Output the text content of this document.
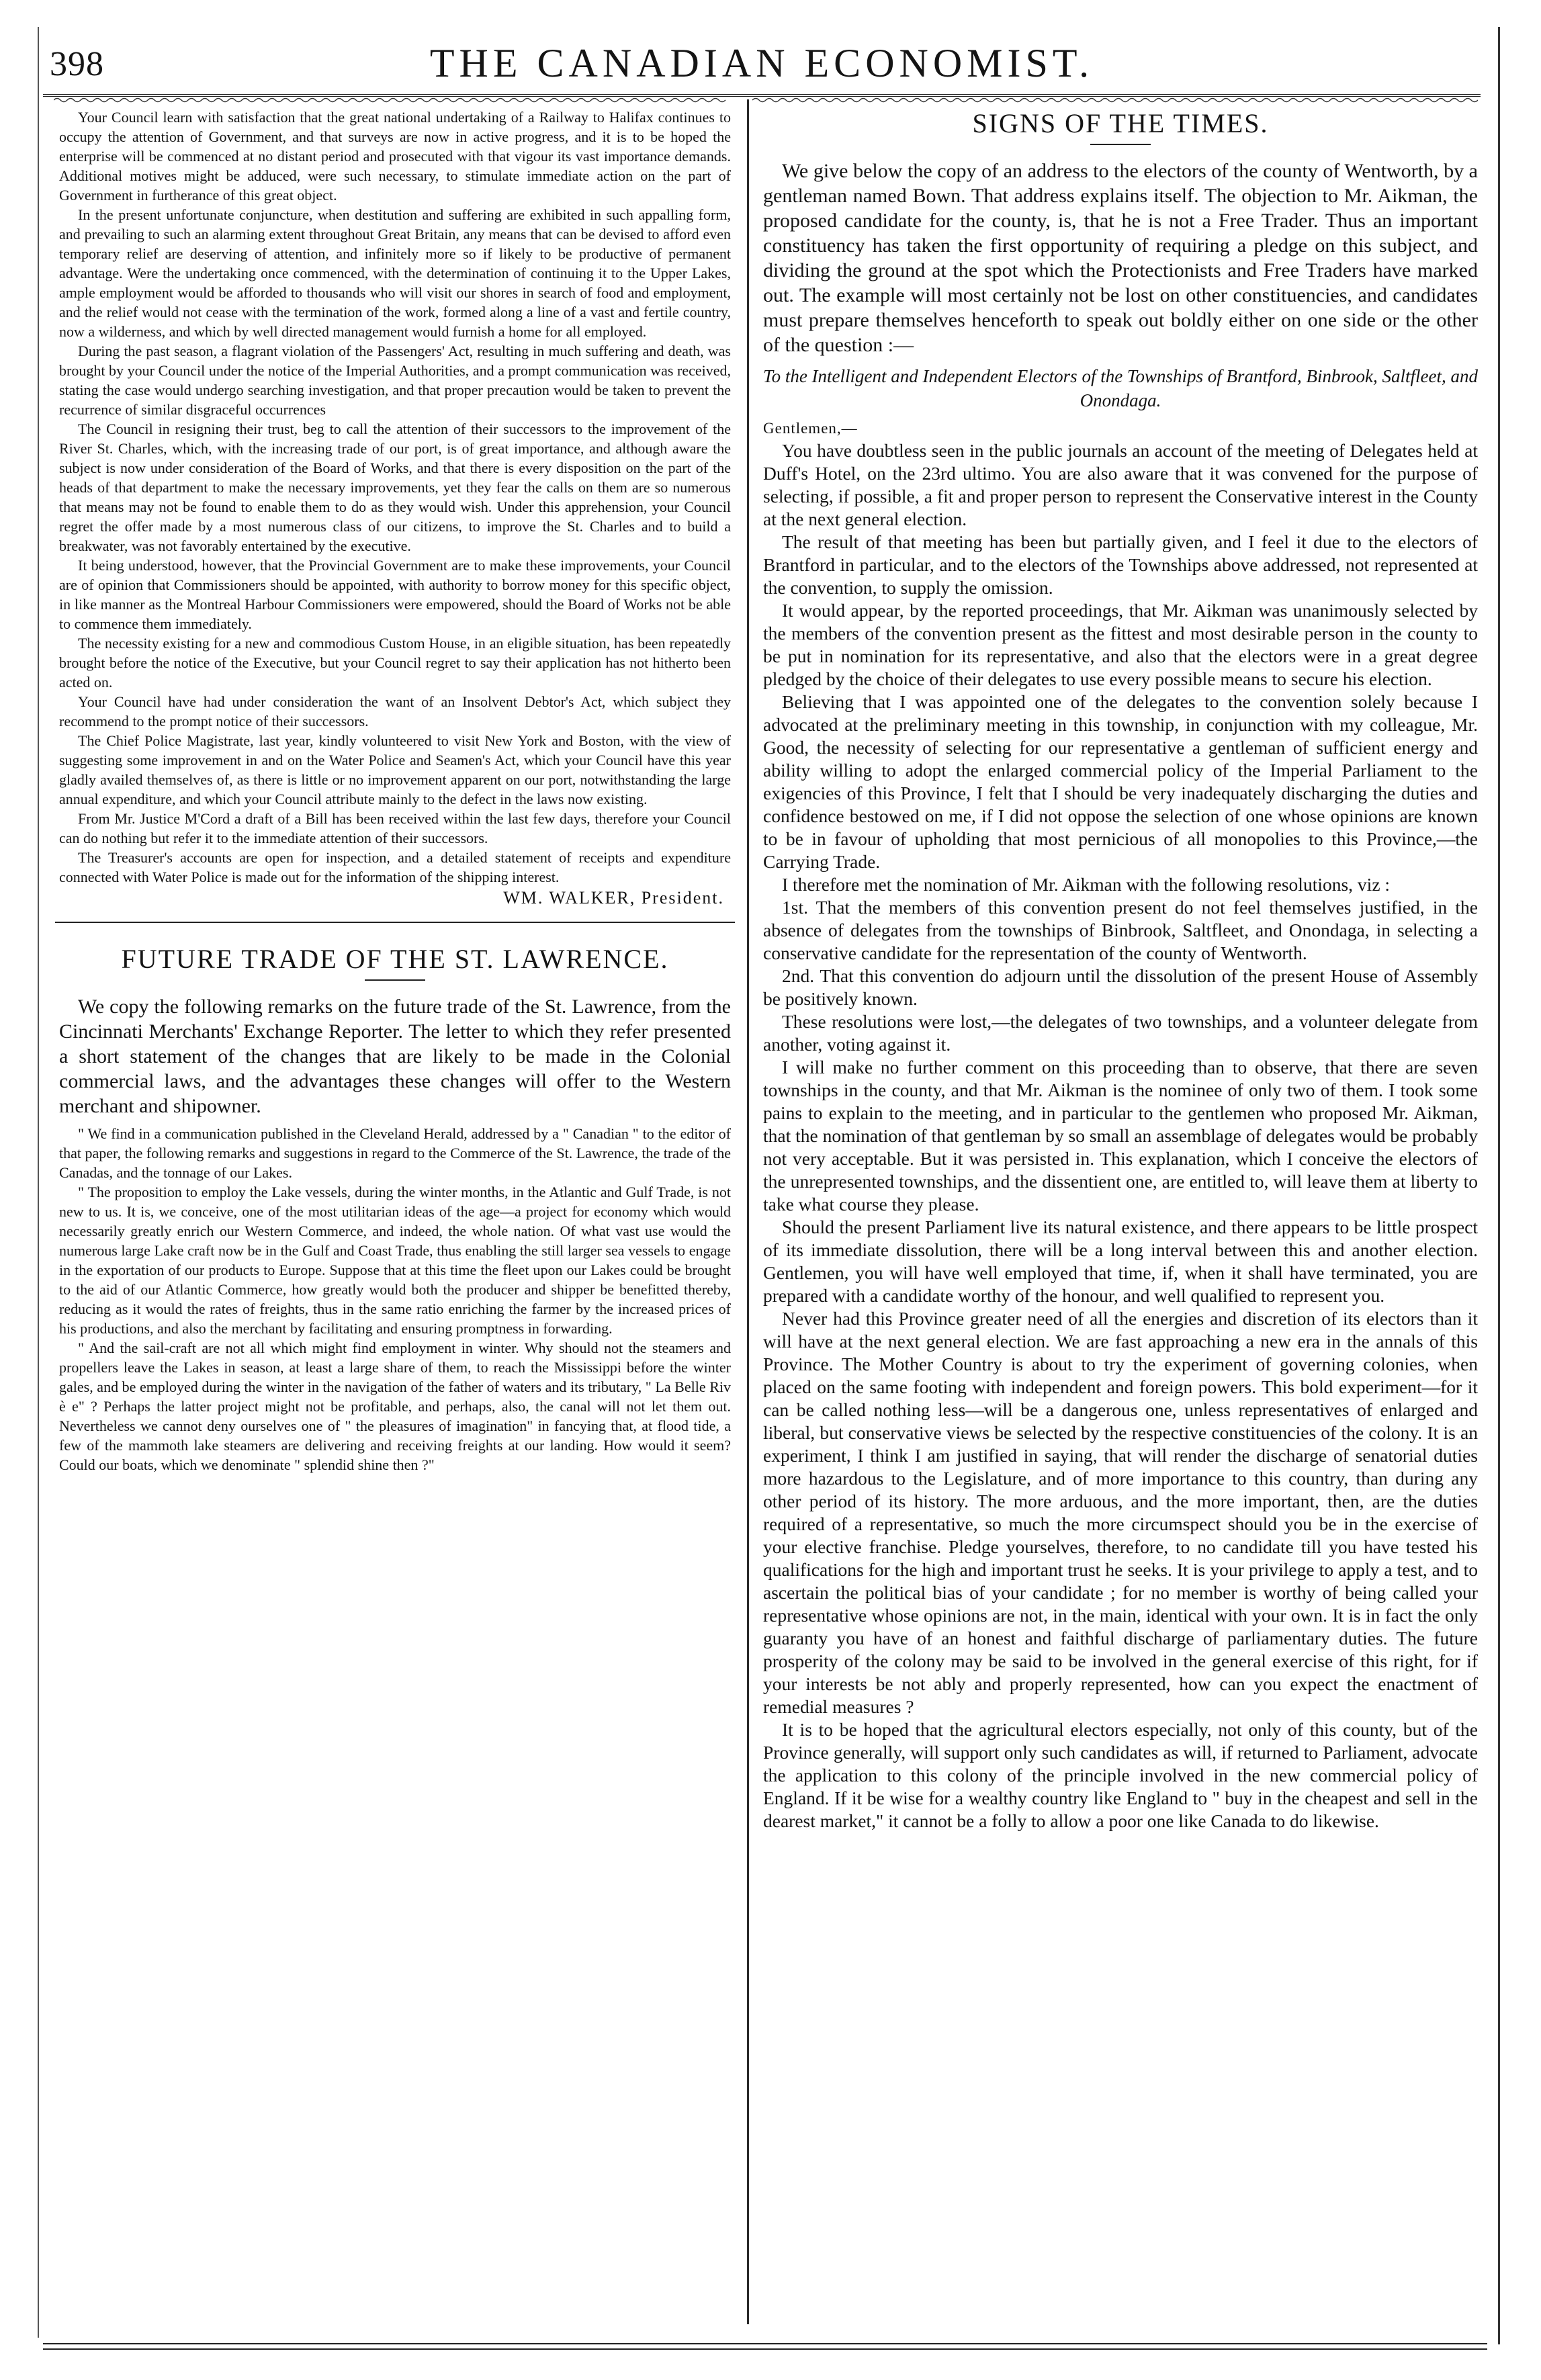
398	THE CANADIAN ECONOMIST.

Your Council learn with satisfaction that the great national undertaking of a Railway to Halifax continues to occupy the attention of Government, and that surveys are now in active progress, and it is to be hoped the enterprise will be commenced at no distant period and prosecuted with that vigour its vast importance demands. Additional motives might be adduced, were such necessary, to stimulate immediate action on the part of Government in furtherance of this great object.

In the present unfortunate conjuncture, when destitution and suffering are exhibited in such appalling form, and prevailing to such an alarming extent throughout Great Britain, any means that can be devised to afford even temporary relief are deserving of attention, and infinitely more so if likely to be productive of permanent advantage. Were the undertaking once commenced, with the determination of continuing it to the Upper Lakes, ample employment would be afforded to thousands who will visit our shores in search of food and employment, and the relief would not cease with the termination of the work, formed along a line of a vast and fertile country, now a wilderness, and which by well directed management would furnish a home for all employed.

During the past season, a flagrant violation of the Passengers' Act, resulting in much suffering and death, was brought by your Council under the notice of the Imperial Authorities, and a prompt communication was received, stating the case would undergo searching investigation, and that proper precaution would be taken to prevent the recurrence of similar disgraceful occurrences

The Council in resigning their trust, beg to call the attention of their successors to the improvement of the River St. Charles, which, with the increasing trade of our port, is of great importance, and although aware the subject is now under consideration of the Board of Works, and that there is every disposition on the part of the heads of that department to make the necessary improvements, yet they fear the calls on them are so numerous that means may not be found to enable them to do as they would wish. Under this apprehension, your Council regret the offer made by a most numerous class of our citizens, to improve the St. Charles and to build a breakwater, was not favorably entertained by the executive.

It being understood, however, that the Provincial Government are to make these improvements, your Council are of opinion that Commissioners should be appointed, with authority to borrow money for this specific object, in like manner as the Montreal Harbour Commissioners were empowered, should the Board of Works not be able to commence them immediately.

The necessity existing for a new and commodious Custom House, in an eligible situation, has been repeatedly brought before the notice of the Executive, but your Council regret to say their application has not hitherto been acted on.

Your Council have had under consideration the want of an Insolvent Debtor's Act, which subject they recommend to the prompt notice of their successors.

The Chief Police Magistrate, last year, kindly volunteered to visit New York and Boston, with the view of suggesting some improvement in and on the Water Police and Seamen's Act, which your Council have this year gladly availed themselves of, as there is little or no improvement apparent on our port, notwithstanding the large annual expenditure, and which your Council attribute mainly to the defect in the laws now existing.

From Mr. Justice M'Cord a draft of a Bill has been received within the last few days, therefore your Council can do nothing but refer it to the immediate attention of their successors.

The Treasurer's accounts are open for inspection, and a detailed statement of receipts and expenditure connected with Water Police is made out for the information of the shipping interest.

WM. WALKER, President.
FUTURE TRADE OF THE ST. LAWRENCE.

We copy the following remarks on the future trade of the St. Lawrence, from the Cincinnati Merchants' Exchange Reporter. The letter to which they refer presented a short statement of the changes that are likely to be made in the Colonial commercial laws, and the advantages these changes will offer to the Western merchant and shipowner.

" We find in a communication published in the Cleveland Herald, addressed by a " Canadian " to the editor of that paper, the following remarks and suggestions in regard to the Commerce of the St. Lawrence, the trade of the Canadas, and the tonnage of our Lakes.

" The proposition to employ the Lake vessels, during the winter months, in the Atlantic and Gulf Trade, is not new to us. It is, we conceive, one of the most utilitarian ideas of the age—a project for economy which would necessarily greatly enrich our Western Commerce, and indeed, the whole nation. Of what vast use would the numerous large Lake craft now be in the Gulf and Coast Trade, thus enabling the still larger sea vessels to engage in the exportation of our products to Europe. Suppose that at this time the fleet upon our Lakes could be brought to the aid of our Atlantic Commerce, how greatly would both the producer and shipper be benefitted thereby, reducing as it would the rates of freights, thus in the same ratio enriching the farmer by the increased prices of his productions, and also the merchant by facilitating and ensuring promptness in forwarding.

" And the sail-craft are not all which might find employment in winter. Why should not the steamers and propellers leave the Lakes in season, at least a large share of them, to reach the Mississippi before the winter gales, and be employed during the winter in the navigation of the father of waters and its tributary, " La Belle Riv è e" ? Perhaps the latter project might not be profitable, and perhaps, also, the canal will not let them out. Nevertheless we cannot deny ourselves one of " the pleasures of imagination" in fancying that, at flood tide, a few of the mammoth lake steamers are delivering and receiving freights at our landing. How would it seem? Could our boats, which we denominate " splendid shine then ?"

SIGNS OF THE TIMES.

We give below the copy of an address to the electors of the county of Wentworth, by a gentleman named Bown. That address explains itself. The objection to Mr. Aikman, the proposed candidate for the county, is, that he is not a Free Trader. Thus an important constituency has taken the first opportunity of requiring a pledge on this subject, and dividing the ground at the spot which the Protectionists and Free Traders have marked out. The example will most certainly not be lost on other constituencies, and candidates must prepare themselves henceforth to speak out boldly either on one side or the other of the question :—

To the Intelligent and Independent Electors of the Townships of Brantford, Binbrook, Saltfleet, and Onondaga.
Gentlemen,—

You have doubtless seen in the public journals an account of the meeting of Delegates held at Duff's Hotel, on the 23rd ultimo. You are also aware that it was convened for the purpose of selecting, if possible, a fit and proper person to represent the Conservative interest in the County at the next general election.

The result of that meeting has been but partially given, and I feel it due to the electors of Brantford in particular, and to the electors of the Townships above addressed, not represented at the convention, to supply the omission.

It would appear, by the reported proceedings, that Mr. Aikman was unanimously selected by the members of the convention present as the fittest and most desirable person in the county to be put in nomination for its representative, and also that the electors were in a great degree pledged by the choice of their delegates to use every possible means to secure his election.

Believing that I was appointed one of the delegates to the convention solely because I advocated at the preliminary meeting in this township, in conjunction with my colleague, Mr. Good, the necessity of selecting for our representative a gentleman of sufficient energy and ability willing to adopt the enlarged commercial policy of the Imperial Parliament to the exigencies of this Province, I felt that I should be very inadequately discharging the duties and confidence bestowed on me, if I did not oppose the selection of one whose opinions are known to be in favour of upholding that most pernicious of all monopolies to this Province,—the Carrying Trade.

I therefore met the nomination of Mr. Aikman with the following resolutions, viz :

1st. That the members of this convention present do not feel themselves justified, in the absence of delegates from the townships of Binbrook, Saltfleet, and Onondaga, in selecting a conservative candidate for the representation of the county of Wentworth.

2nd. That this convention do adjourn until the dissolution of the present House of Assembly be positively known.

These resolutions were lost,—the delegates of two townships, and a volunteer delegate from another, voting against it.

I will make no further comment on this proceeding than to observe, that there are seven townships in the county, and that Mr. Aikman is the nominee of only two of them. I took some pains to explain to the meeting, and in particular to the gentlemen who proposed Mr. Aikman, that the nomination of that gentleman by so small an assemblage of delegates would be probably not very acceptable. But it was persisted in. This explanation, which I conceive the electors of the unrepresented townships, and the dissentient one, are entitled to, will leave them at liberty to take what course they please.

Should the present Parliament live its natural existence, and there appears to be little prospect of its immediate dissolution, there will be a long interval between this and another election. Gentlemen, you will have well employed that time, if, when it shall have terminated, you are prepared with a candidate worthy of the honour, and well qualified to represent you.

Never had this Province greater need of all the energies and discretion of its electors than it will have at the next general election. We are fast approaching a new era in the annals of this Province. The Mother Country is about to try the experiment of governing colonies, when placed on the same footing with independent and foreign powers. This bold experiment—for it can be called nothing less—will be a dangerous one, unless representatives of enlarged and liberal, but conservative views be selected by the respective constituencies of the colony. It is an experiment, I think I am justified in saying, that will render the discharge of senatorial duties more hazardous to the Legislature, and of more importance to this country, than during any other period of its history. The more arduous, and the more important, then, are the duties required of a representative, so much the more circumspect should you be in the exercise of your elective franchise. Pledge yourselves, therefore, to no candidate till you have tested his qualifications for the high and important trust he seeks. It is your privilege to apply a test, and to ascertain the political bias of your candidate ; for no member is worthy of being called your representative whose opinions are not, in the main, identical with your own. It is in fact the only guaranty you have of an honest and faithful discharge of parliamentary duties. The future prosperity of the colony may be said to be involved in the general exercise of this right, for if your interests be not ably and properly represented, how can you expect the enactment of remedial measures ?

It is to be hoped that the agricultural electors especially, not only of this county, but of the Province generally, will support only such candidates as will, if returned to Parliament, advocate the application to this colony of the principle involved in the new commercial policy of England. If it be wise for a wealthy country like England to " buy in the cheapest and sell in the dearest market," it cannot be a folly to allow a poor one like Canada to do likewise.
